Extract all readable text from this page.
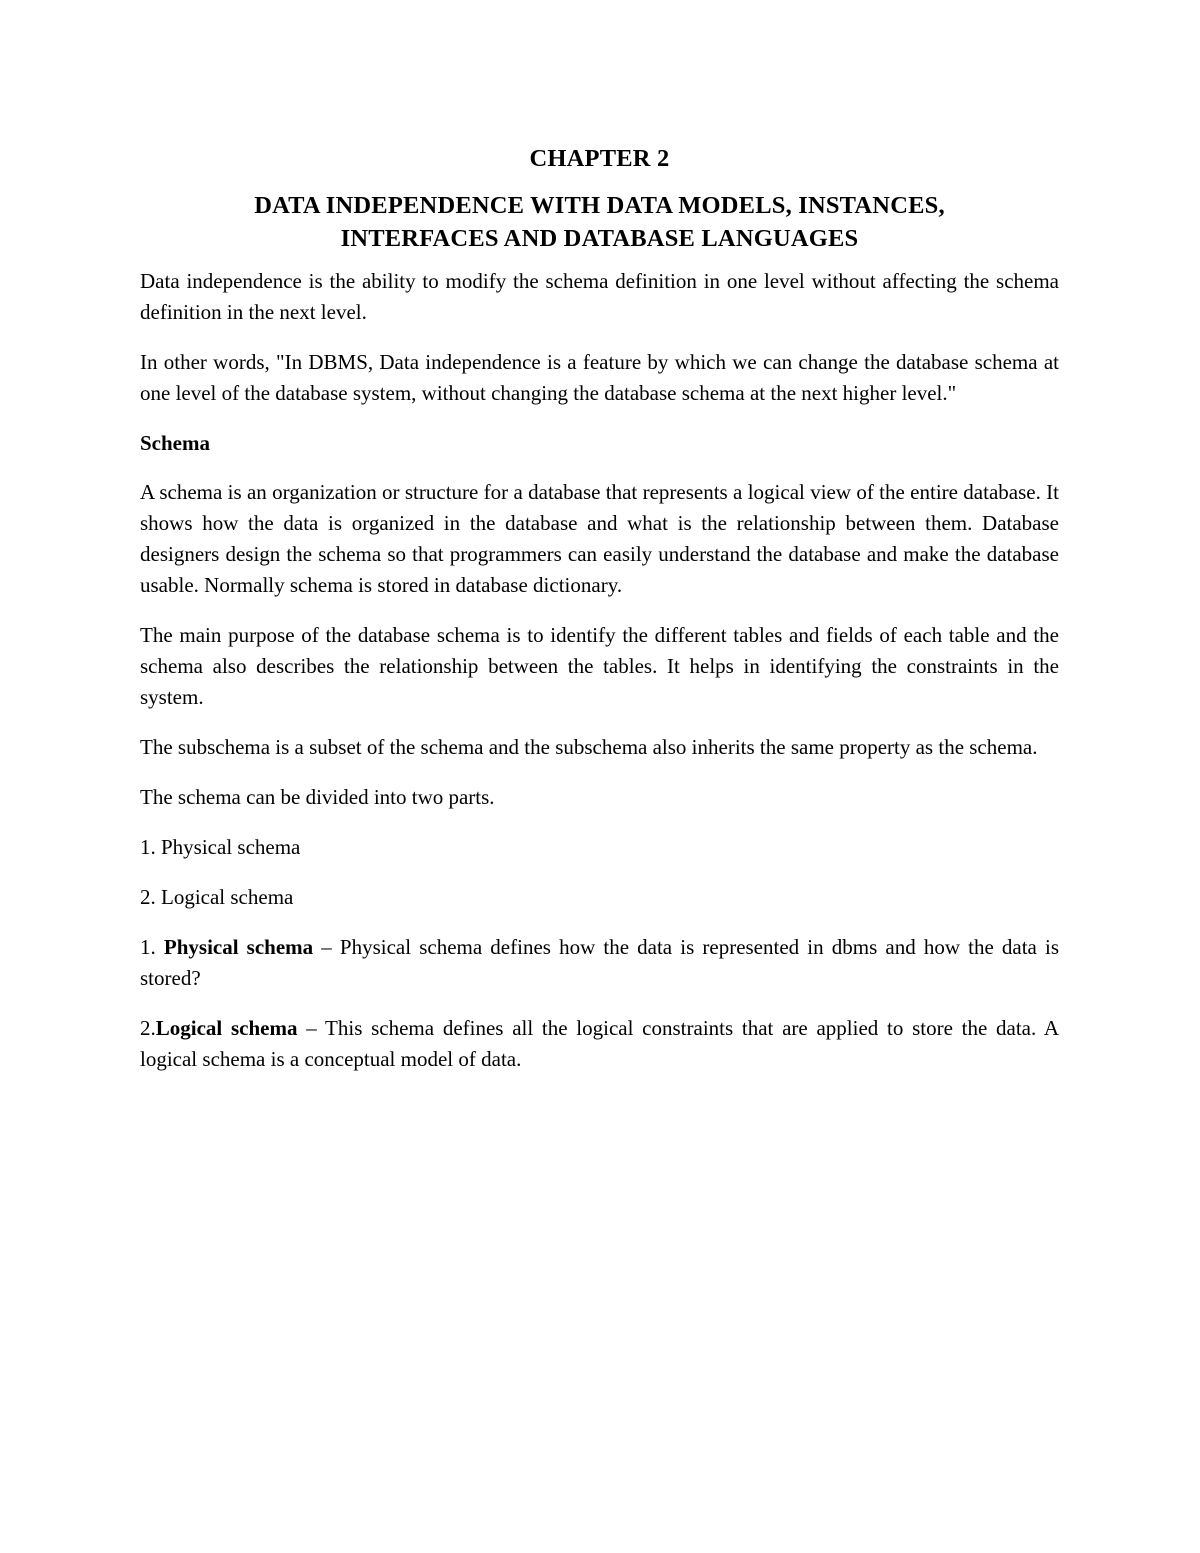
CHAPTER 2
DATA INDEPENDENCE WITH DATA MODELS, INSTANCES,
INTERFACES AND DATABASE LANGUAGES

Data independence is the ability to modify the schema definition in one level without affecting the schema definition in the next level.

In other words, "In DBMS, Data independence is a feature by which we can change the database schema at one level of the database system, without changing the database schema at the next higher level."

Schema

A schema is an organization or structure for a database that represents a logical view of the entire database. It shows how the data is organized in the database and what is the relationship between them. Database designers design the schema so that programmers can easily understand the database and make the database usable. Normally schema is stored in database dictionary.

The main purpose of the database schema is to identify the different tables and fields of each table and the schema also describes the relationship between the tables. It helps in identifying the constraints in the system.

The subschema is a subset of the schema and the subschema also inherits the same property as the schema.

The schema can be divided into two parts.

1. Physical schema

2. Logical schema

1. Physical schema – Physical schema defines how the data is represented in dbms and how the data is stored?

2.Logical schema – This schema defines all the logical constraints that are applied to store the data. A logical schema is a conceptual model of data.
